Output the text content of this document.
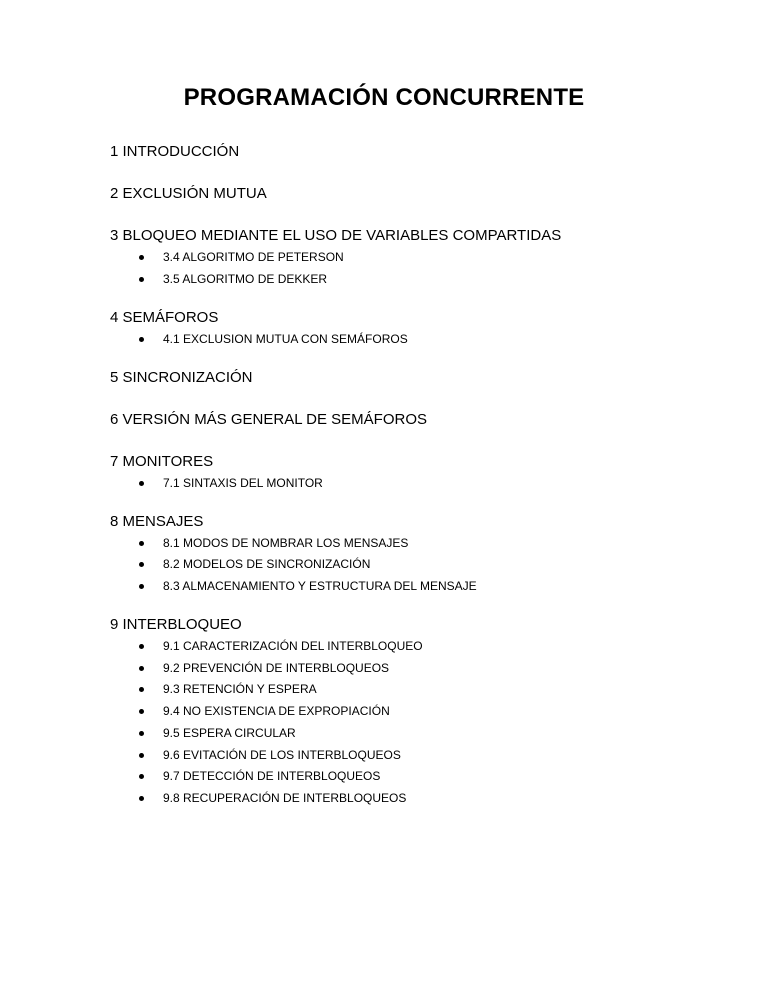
PROGRAMACIÓN CONCURRENTE

1 INTRODUCCIÓN

2 EXCLUSIÓN MUTUA

3 BLOQUEO MEDIANTE EL USO DE VARIABLES COMPARTIDAS

3.4 ALGORITMO DE PETERSON
3.5 ALGORITMO DE DEKKER

4 SEMÁFOROS

4.1 EXCLUSION MUTUA CON SEMÁFOROS

5 SINCRONIZACIÓN

6 VERSIÓN MÁS GENERAL DE SEMÁFOROS

7 MONITORES

7.1 SINTAXIS DEL MONITOR

8 MENSAJES

8.1 MODOS DE NOMBRAR LOS MENSAJES
8.2 MODELOS DE SINCRONIZACIÓN
8.3 ALMACENAMIENTO Y ESTRUCTURA DEL MENSAJE

9 INTERBLOQUEO

9.1 CARACTERIZACIÓN DEL INTERBLOQUEO
9.2 PREVENCIÓN DE INTERBLOQUEOS
9.3 RETENCIÓN Y ESPERA
9.4 NO EXISTENCIA DE EXPROPIACIÓN
9.5 ESPERA CIRCULAR
9.6 EVITACIÓN DE LOS INTERBLOQUEOS
9.7 DETECCIÓN DE INTERBLOQUEOS
9.8 RECUPERACIÓN DE INTERBLOQUEOS
